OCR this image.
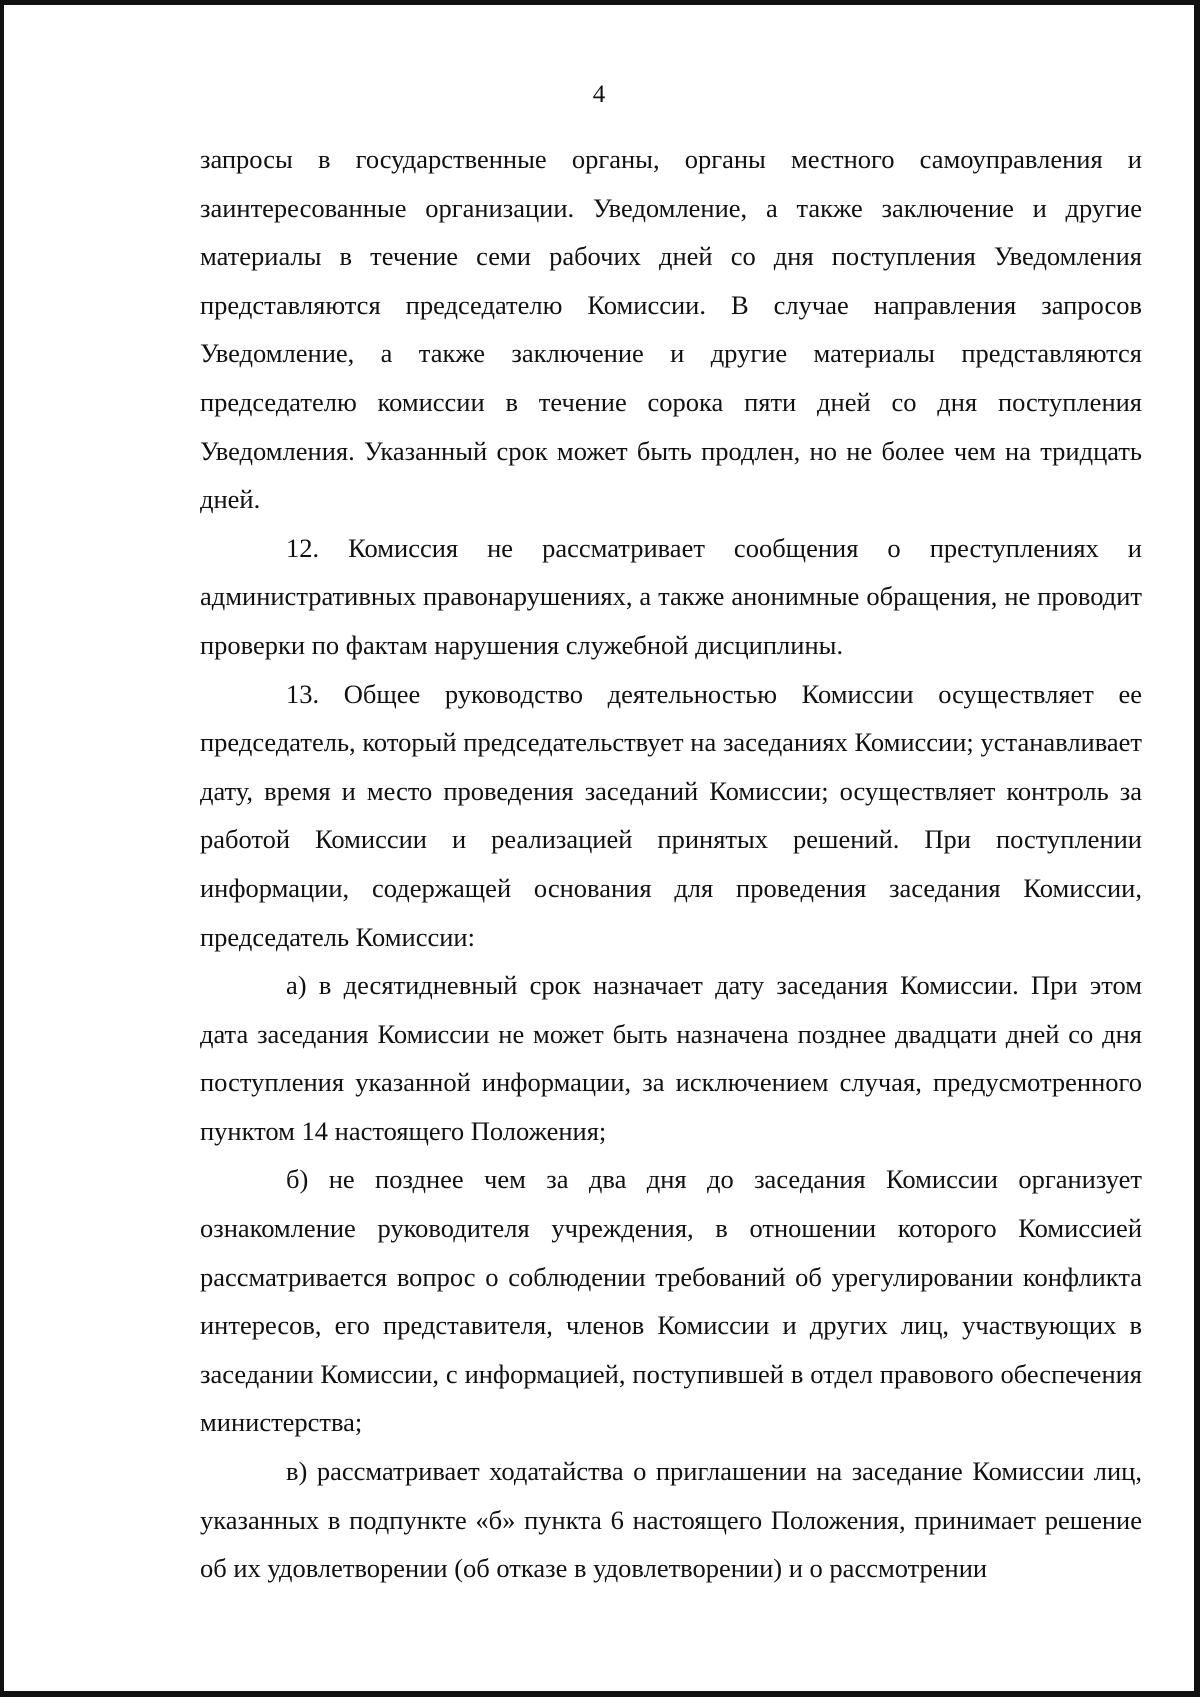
4

запросы в государственные органы, органы местного самоуправления и заинтересованные организации. Уведомление, а также заключение и другие материалы в течение семи рабочих дней со дня поступления Уведомления представляются председателю Комиссии. В случае направления запросов Уведомление, а также заключение и другие материалы представляются председателю комиссии в течение сорока пяти дней со дня поступления Уведомления. Указанный срок может быть продлен, но не более чем на тридцать дней.

12. Комиссия не рассматривает сообщения о преступлениях и административных правонарушениях, а также анонимные обращения, не проводит проверки по фактам нарушения служебной дисциплины.

13. Общее руководство деятельностью Комиссии осуществляет ее председатель, который председательствует на заседаниях Комиссии; устанавливает дату, время и место проведения заседаний Комиссии; осуществляет контроль за работой Комиссии и реализацией принятых решений. При поступлении информации, содержащей основания для проведения заседания Комиссии, председатель Комиссии:

а) в десятидневный срок назначает дату заседания Комиссии. При этом дата заседания Комиссии не может быть назначена позднее двадцати дней со дня поступления указанной информации, за исключением случая, предусмотренного пунктом 14 настоящего Положения;

б) не позднее чем за два дня до заседания Комиссии организует ознакомление руководителя учреждения, в отношении которого Комиссией рассматривается вопрос о соблюдении требований об урегулировании конфликта интересов, его представителя, членов Комиссии и других лиц, участвующих в заседании Комиссии, с информацией, поступившей в отдел правового обеспечения министерства;

в) рассматривает ходатайства о приглашении на заседание Комиссии лиц, указанных в подпункте «б» пункта 6 настоящего Положения, принимает решение об их удовлетворении (об отказе в удовлетворении) и о рассмотрении
